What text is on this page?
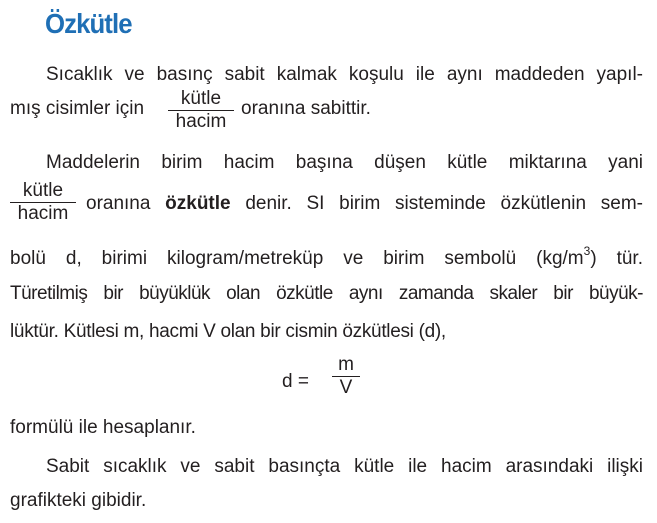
Özkütle
Sıcaklık ve basınç sabit kalmak koşulu ile aynı maddeden yapıl-
mış cisimler için	kütle
hacim
oranına sabittir.
Maddelerin birim hacim başına düşen kütle miktarına yani
kütle
hacim oranına özkütle denir. SI birim sisteminde özkütlenin sem-
bolü d, birimi kilogram/metreküp ve birim sembolü $(kg/m^3)$ tür.
Türetilmiş bir büyüklük olan özkütle aynı zamanda skaler bir büyük-
lüktür. Kütlesi m, hacmi V olan bir cismin özkütlesi (d),
d =
m
V
formülü ile hesaplanır.
Sabit sıcaklık ve sabit basınçta kütle ile hacim arasındaki ilişki
grafikteki gibidir.
